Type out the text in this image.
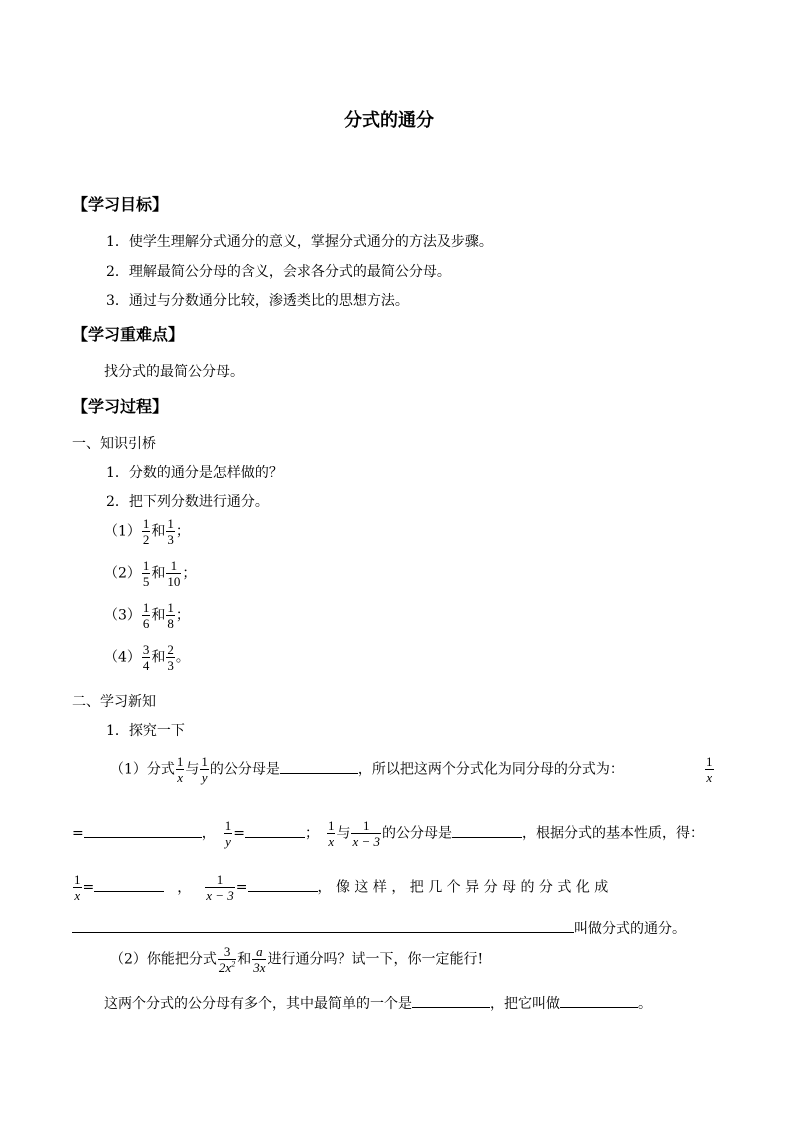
分式的通分
【学习目标】
1．使学生理解分式通分的意义，掌握分式通分的方法及步骤。
2．理解最简公分母的含义，会求各分式的最简公分母。
3．通过与分数通分比较，渗透类比的思想方法。
【学习重难点】
找分式的最简公分母。
【学习过程】
一、知识引桥
1．分数的通分是怎样做的？
2．把下列分数进行通分。
$(1) \frac{1}{2}$ 和 $\frac{1}{3}$ ；
$(2) \frac{1}{5}$ 和 $\frac{1}{10}$ ；
$(3) \frac{1}{6}$ 和 $\frac{1}{8}$ ；
$(4) \frac{3}{4}$ 和 $\frac{2}{3}$ 。
二、学习新知
1．探究一下
（1）分式 $\frac{1}{x}$ 与 $\frac{1}{y}$ 的公分母是	，所以把这两个分式化为同分母的分式为：	$\frac{1}{x}$
=	， $\frac{1}{y}$ =	； $\frac{1}{x}$ 与 $\frac{1}{x - 3}$ 的公分母是	，根据分式的基本性质，得：
$\frac{1}{x}$ =	， $\frac{1}{x - 3}$ =	， 像 这 样 ， 把 几 个 异 分 母 的 分 式 化 成
叫做分式的通分。
（2）你能把分式 $\frac{3}{2x^2}$ 和 $\frac{a}{3x}$ 进行通分吗？试一下，你一定能行!
这两个分式的公分母有多个，其中最简单的一个是	，把它叫做	。
